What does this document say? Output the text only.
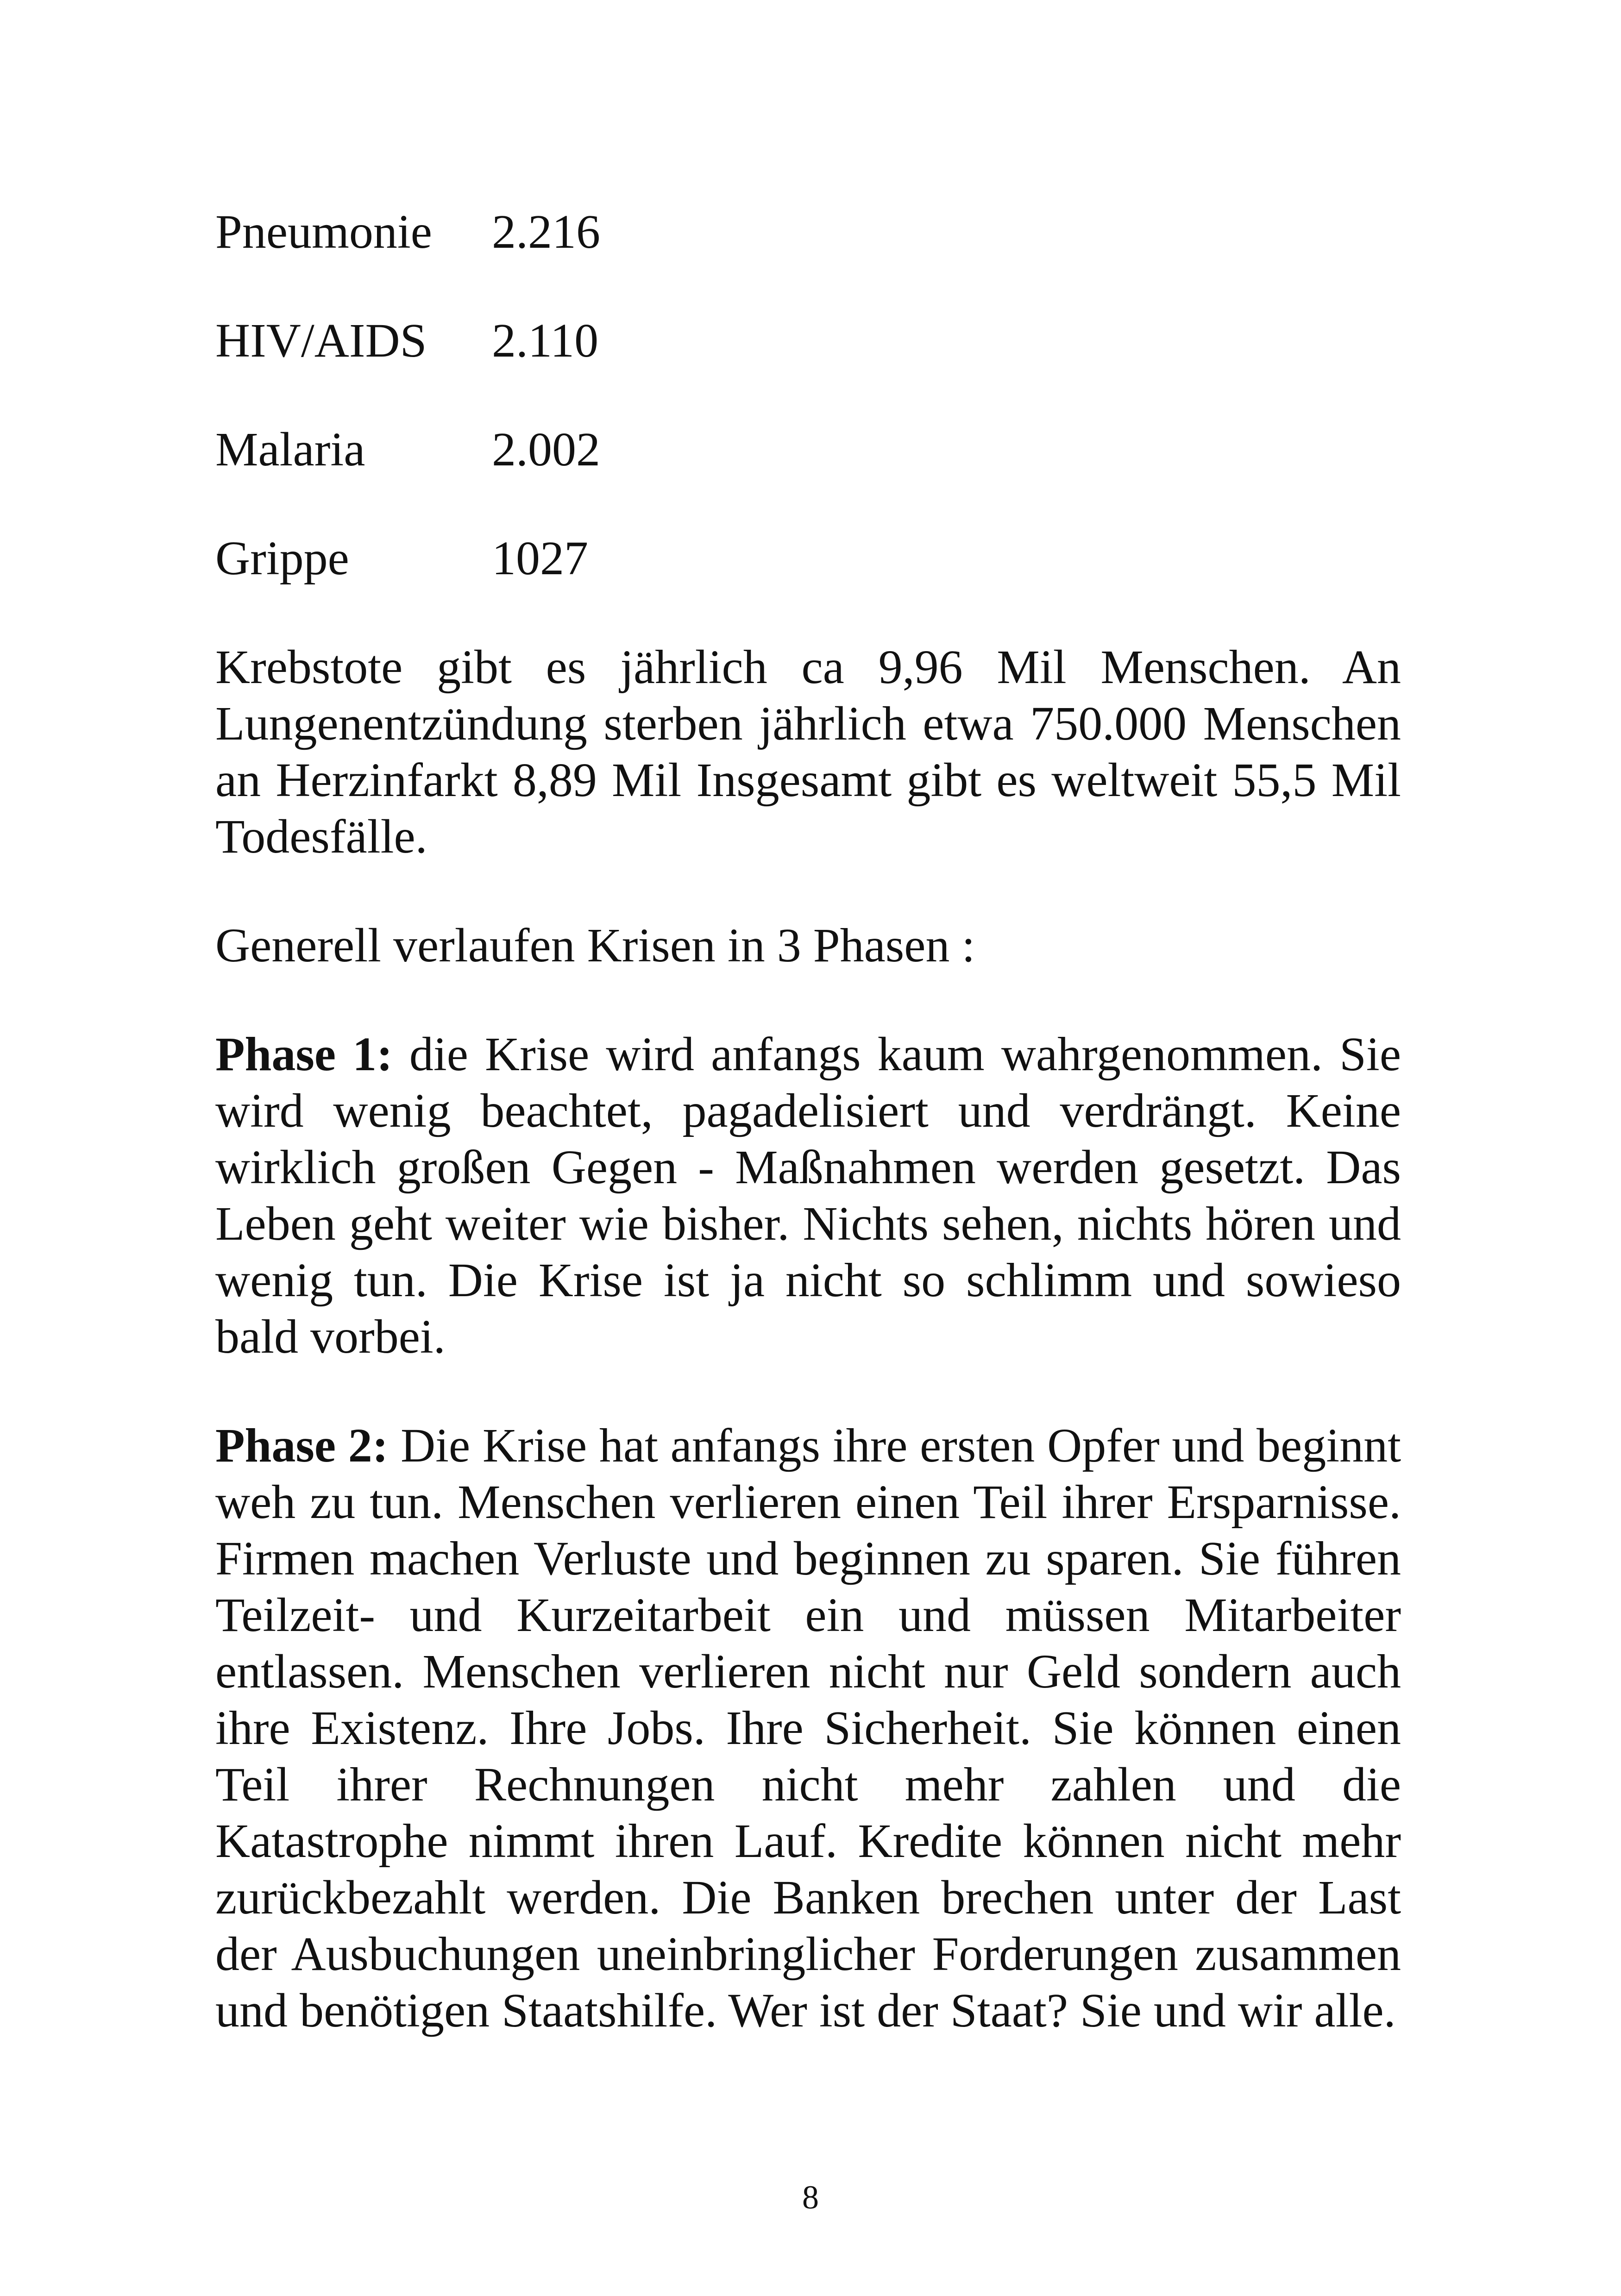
Pneumonie	2.216
HIV/AIDS	2.110
Malaria	2.002
Grippe	1027

Krebstote gibt es jährlich ca 9,96 Mil Menschen. An Lungenentzündung sterben jährlich etwa 750.000 Menschen an Herzinfarkt 8,89 Mil Insgesamt gibt es weltweit 55,5 Mil Todesfälle.

Generell verlaufen Krisen in 3 Phasen :

Phase 1: die Krise wird anfangs kaum wahrgenommen. Sie wird wenig beachtet, pagadelisiert und verdrängt. Keine wirklich großen Gegen - Maßnahmen werden gesetzt. Das Leben geht weiter wie bisher. Nichts sehen, nichts hören und wenig tun. Die Krise ist ja nicht so schlimm und sowieso bald vorbei.

Phase 2: Die Krise hat anfangs ihre ersten Opfer und beginnt weh zu tun. Menschen verlieren einen Teil ihrer Ersparnisse. Firmen machen Verluste und beginnen zu sparen. Sie führen Teilzeit- und Kurzeitarbeit ein und müssen Mitarbeiter entlassen. Menschen verlieren nicht nur Geld sondern auch ihre Existenz. Ihre Jobs. Ihre Sicherheit. Sie können einen Teil ihrer Rechnungen nicht mehr zahlen und die Katastrophe nimmt ihren Lauf. Kredite können nicht mehr zurückbezahlt werden. Die Banken brechen unter der Last der Ausbuchungen uneinbringlicher Forderungen zusammen und benötigen Staatshilfe. Wer ist der Staat? Sie und wir alle.

8
